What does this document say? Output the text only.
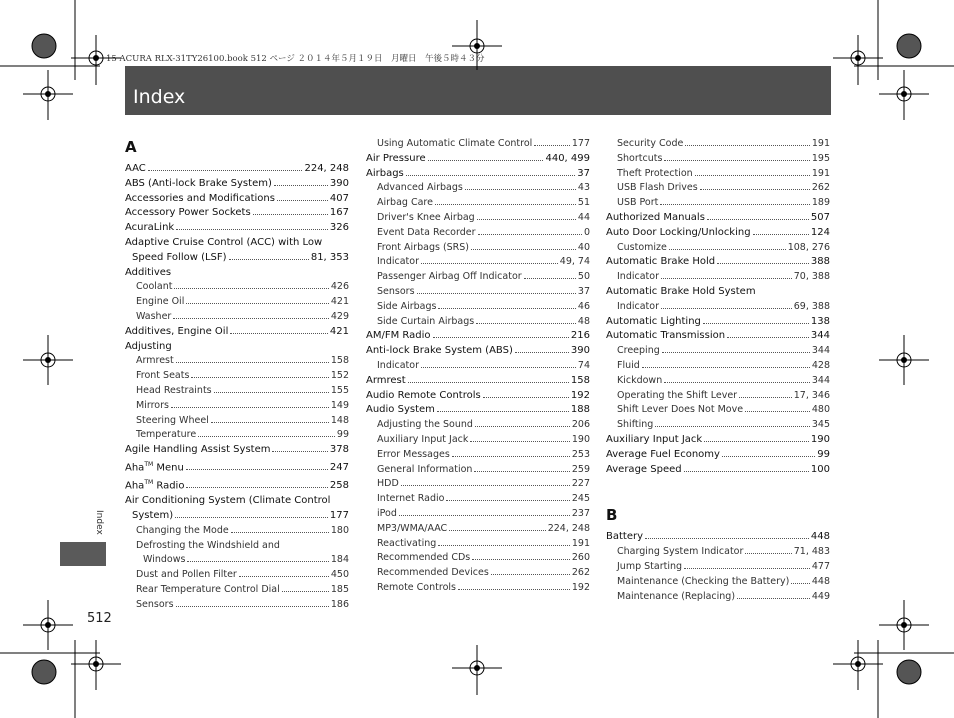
15 ACURA RLX-31TY26100.book 512 ページ ２０１４年５月１９日　月曜日　午後５時４３分
Index
Index
512
A
AAC	224, 248
ABS (Anti-lock Brake System)	390
Accessories and Modifications	407
Accessory Power Sockets	167
AcuraLink	326
Adaptive Cruise Control (ACC) with Low
Speed Follow (LSF)	81, 353
Additives
Coolant	426
Engine Oil	421
Washer	429
Additives, Engine Oil	421
Adjusting
Armrest	158
Front Seats	152
Head Restraints	155
Mirrors	149
Steering Wheel	148
Temperature	99
Agile Handling Assist System	378
Aha™ Menu	247
Aha™ Radio	258
Air Conditioning System (Climate Control
System)	177
Changing the Mode	180
Defrosting the Windshield and
Windows	184
Dust and Pollen Filter	450
Rear Temperature Control Dial	185
Sensors	186
Using Automatic Climate Control	177
Air Pressure	440, 499
Airbags	37
Advanced Airbags	43
Airbag Care	51
Driver's Knee Airbag	44
Event Data Recorder	0
Front Airbags (SRS)	40
Indicator	49, 74
Passenger Airbag Off Indicator	50
Sensors	37
Side Airbags	46
Side Curtain Airbags	48
AM/FM Radio	216
Anti-lock Brake System (ABS)	390
Indicator	74
Armrest	158
Audio Remote Controls	192
Audio System	188
Adjusting the Sound	206
Auxiliary Input Jack	190
Error Messages	253
General Information	259
HDD	227
Internet Radio	245
iPod	237
MP3/WMA/AAC	224, 248
Reactivating	191
Recommended CDs	260
Recommended Devices	262
Remote Controls	192
Security Code	191
Shortcuts	195
Theft Protection	191
USB Flash Drives	262
USB Port	189
Authorized Manuals	507
Auto Door Locking/Unlocking	124
Customize	108, 276
Automatic Brake Hold	388
Indicator	70, 388
Automatic Brake Hold System
Indicator	69, 388
Automatic Lighting	138
Automatic Transmission	344
Creeping	344
Fluid	428
Kickdown	344
Operating the Shift Lever	17, 346
Shift Lever Does Not Move	480
Shifting	345
Auxiliary Input Jack	190
Average Fuel Economy	99
Average Speed	100
B
Battery	448
Charging System Indicator	71, 483
Jump Starting	477
Maintenance (Checking the Battery) 448
Maintenance (Replacing)	449
